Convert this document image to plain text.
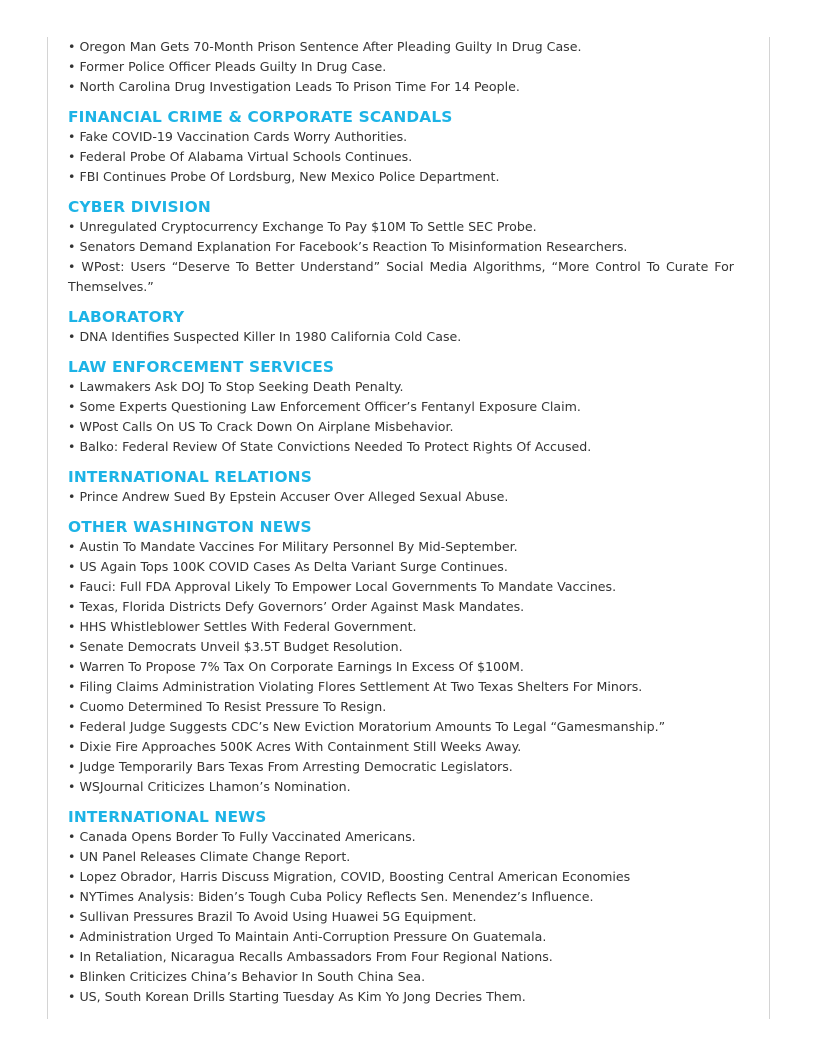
• Oregon Man Gets 70-Month Prison Sentence After Pleading Guilty In Drug Case.

• Former Police Officer Pleads Guilty In Drug Case.

• North Carolina Drug Investigation Leads To Prison Time For 14 People.

FINANCIAL CRIME & CORPORATE SCANDALS

• Fake COVID-19 Vaccination Cards Worry Authorities.

• Federal Probe Of Alabama Virtual Schools Continues.

• FBI Continues Probe Of Lordsburg, New Mexico Police Department.

CYBER DIVISION

• Unregulated Cryptocurrency Exchange To Pay $10M To Settle SEC Probe.

• Senators Demand Explanation For Facebook’s Reaction To Misinformation Researchers.

• WPost: Users “Deserve To Better Understand” Social Media Algorithms, “More Control To Curate For Themselves.”

LABORATORY

• DNA Identifies Suspected Killer In 1980 California Cold Case.

LAW ENFORCEMENT SERVICES

• Lawmakers Ask DOJ To Stop Seeking Death Penalty.

• Some Experts Questioning Law Enforcement Officer’s Fentanyl Exposure Claim.

• WPost Calls On US To Crack Down On Airplane Misbehavior.

• Balko: Federal Review Of State Convictions Needed To Protect Rights Of Accused.

INTERNATIONAL RELATIONS

• Prince Andrew Sued By Epstein Accuser Over Alleged Sexual Abuse.

OTHER WASHINGTON NEWS

• Austin To Mandate Vaccines For Military Personnel By Mid-September.

• US Again Tops 100K COVID Cases As Delta Variant Surge Continues.

• Fauci: Full FDA Approval Likely To Empower Local Governments To Mandate Vaccines.

• Texas, Florida Districts Defy Governors’ Order Against Mask Mandates.

• HHS Whistleblower Settles With Federal Government.

• Senate Democrats Unveil $3.5T Budget Resolution.

• Warren To Propose 7% Tax On Corporate Earnings In Excess Of $100M.

• Filing Claims Administration Violating Flores Settlement At Two Texas Shelters For Minors.

• Cuomo Determined To Resist Pressure To Resign.

• Federal Judge Suggests CDC’s New Eviction Moratorium Amounts To Legal “Gamesmanship.”

• Dixie Fire Approaches 500K Acres With Containment Still Weeks Away.

• Judge Temporarily Bars Texas From Arresting Democratic Legislators.

• WSJournal Criticizes Lhamon’s Nomination.

INTERNATIONAL NEWS

• Canada Opens Border To Fully Vaccinated Americans.

• UN Panel Releases Climate Change Report.

• Lopez Obrador, Harris Discuss Migration, COVID, Boosting Central American Economies

• NYTimes Analysis: Biden’s Tough Cuba Policy Reflects Sen. Menendez’s Influence.

• Sullivan Pressures Brazil To Avoid Using Huawei 5G Equipment.

• Administration Urged To Maintain Anti-Corruption Pressure On Guatemala.

• In Retaliation, Nicaragua Recalls Ambassadors From Four Regional Nations.

• Blinken Criticizes China’s Behavior In South China Sea.

• US, South Korean Drills Starting Tuesday As Kim Yo Jong Decries Them.
